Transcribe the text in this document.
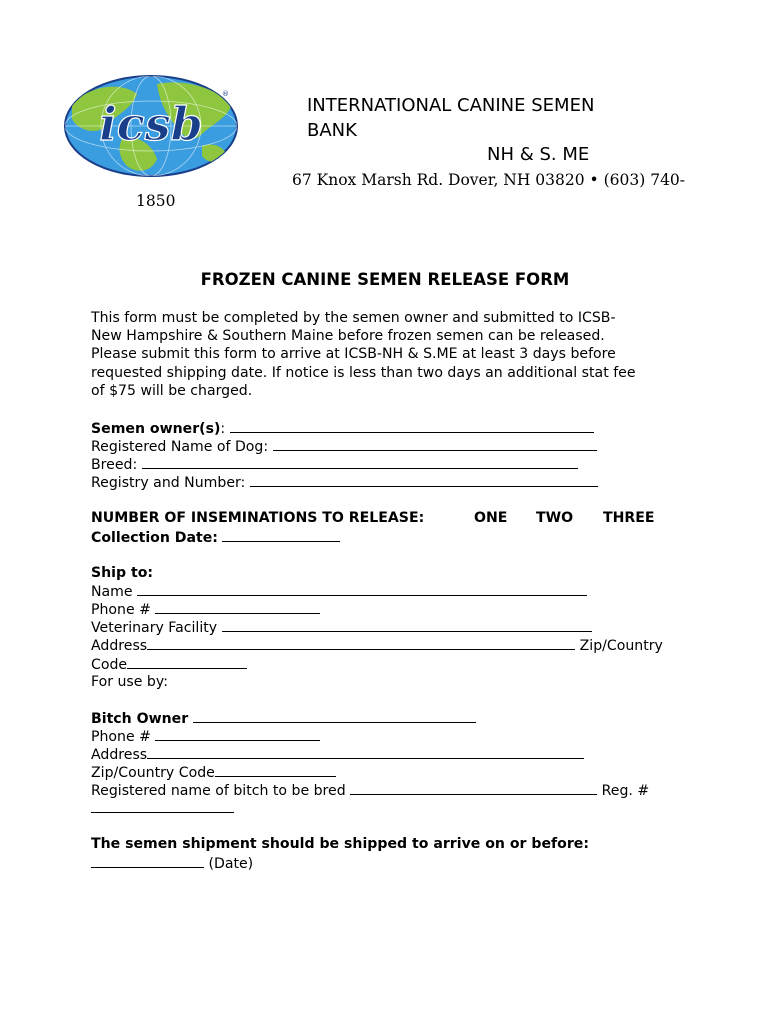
icsb
®
INTERNATIONAL CANINE SEMEN
BANK
NH & S. ME
67 Knox Marsh Rd. Dover, NH 03820 • (603) 740-
1850
FROZEN CANINE SEMEN RELEASE FORM
This form must be completed by the semen owner and submitted to ICSB-
New Hampshire & Southern Maine before frozen semen can be released.
Please submit this form to arrive at ICSB-NH & S.ME at least 3 days before
requested shipping date. If notice is less than two days an additional stat fee
of $75 will be charged.
Semen owner(s):
Registered Name of Dog:
Breed:
Registry and Number:
NUMBER OF INSEMINATIONS TO RELEASE:	ONE TWO THREE
Collection Date:
Ship to:
Name
Phone #
Veterinary Facility
Address	Zip/Country
Code
For use by:
Bitch Owner
Phone #
Address
Zip/Country Code
Registered name of bitch to be bred	Reg. #
The semen shipment should be shipped to arrive on or before:
(Date)
